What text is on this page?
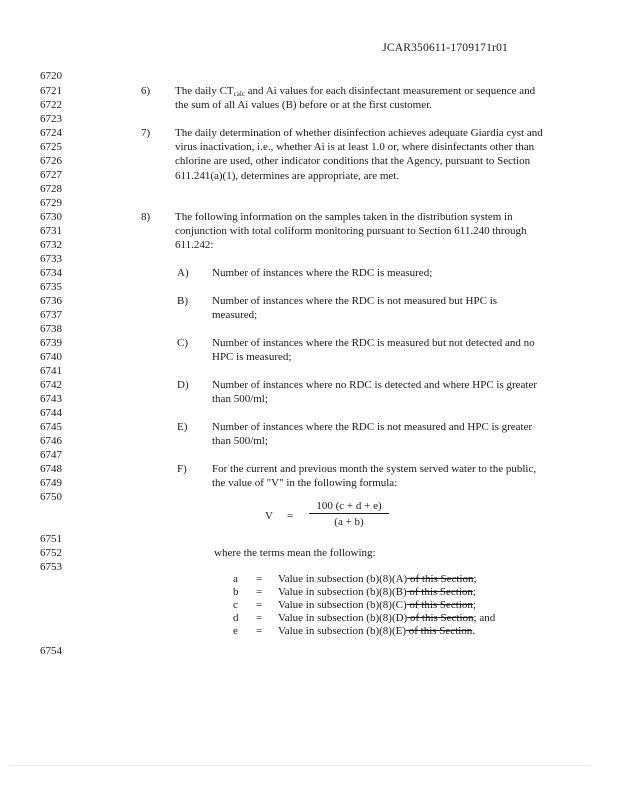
JCAR350611-1709171r01
6720
6721
6722
6723
6724
6725
6726
6727
6728
6729
6730
6731
6732
6733
6734
6735
6736
6737
6738
6739
6740
6741
6742
6743
6744
6745
6746
6747
6748
6749
6750
6751
6752
6753
6754
6) The daily $CT_{calc}$ and Ai values for each disinfectant measurement or sequence and the sum of all Ai values (B) before or at the first customer.
7) The daily determination of whether disinfection achieves adequate Giardia cyst and virus inactivation, i.e., whether Ai is at least 1.0 or, where disinfectants other than chlorine are used, other indicator conditions that the Agency, pursuant to Section 611.241(a)(1), determines are appropriate, are met.
8) The following information on the samples taken in the distribution system in conjunction with total coliform monitoring pursuant to Section 611.240 through 611.242:
A) Number of instances where the RDC is measured;
B) Number of instances where the RDC is not measured but HPC is measured;
C) Number of instances where the RDC is measured but not detected and no HPC is measured;
D) Number of instances where no RDC is detected and where HPC is greater than 500/ml;
E) Number of instances where the RDC is not measured and HPC is greater than 500/ml;
F) For the current and previous month the system served water to the public, the value of "V" in the following formula:
V =
100 (c + d + e)
(a + b)
where the terms mean the following:
a = Value in subsection (b)(8)(A) of this Section;
b = Value in subsection (b)(8)(B) of this Section;
c = Value in subsection (b)(8)(C) of this Section;
d = Value in subsection (b)(8)(D) of this Section; and
e = Value in subsection (b)(8)(E) of this Section.
